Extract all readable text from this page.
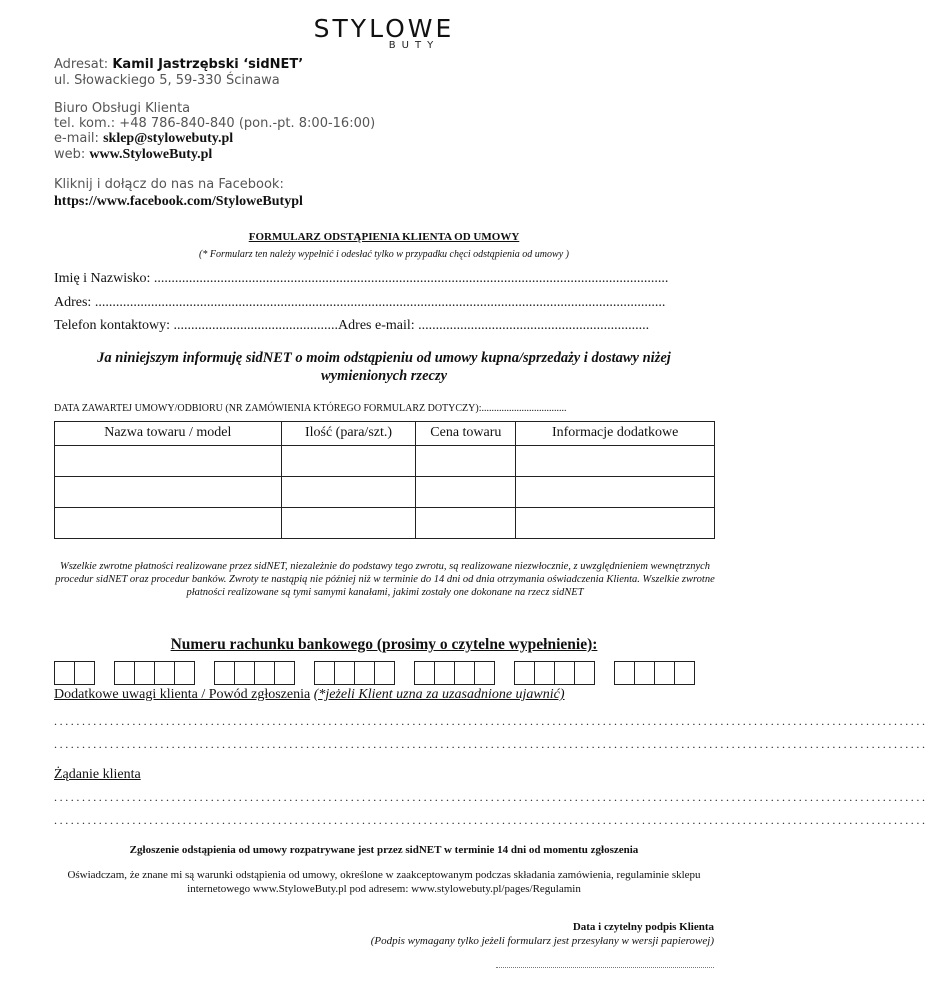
STYLOWE
BUTY
Adresat: Kamil Jastrzębski ‘sidNET’
ul. Słowackiego 5, 59-330 Ścinawa
Biuro Obsługi Klienta
tel. kom.: +48 786-840-840 (pon.-pt. 8:00-16:00)
e-mail: sklep@stylowebuty.pl
web: www.StyloweButy.pl
Kliknij i dołącz do nas na Facebook:
https://www.facebook.com/StyloweButypl
FORMULARZ ODSTĄPIENIA KLIENTA OD UMOWY
(* Formularz ten należy wypełnić i odesłać tylko w przypadku chęci odstąpienia od umowy )
Imię i Nazwisko: ...................................................................................................................................................
Adres: ...................................................................................................................................................................
Telefon kontaktowy: ...............................................Adres e-mail: ..................................................................
Ja niniejszym informuję sidNET o moim odstąpieniu od umowy kupna/sprzedaży i dostawy niżej wymienionych rzeczy
DATA ZAWARTEJ UMOWY/ODBIORU (NR ZAMÓWIENIA KTÓREGO FORMULARZ DOTYCZY):..................................
Nazwa towaru / model	Ilość (para/szt.)	Cena towaru	Informacje dodatkowe

Wszelkie zwrotne płatności realizowane przez sidNET, niezależnie do podstawy tego zwrotu, są realizowane niezwłocznie, z uwzględnieniem wewnętrznych procedur sidNET oraz procedur banków. Zwroty te nastąpią nie później niż w terminie do 14 dni od dnia otrzymania oświadczenia Klienta. Wszelkie zwrotne płatności realizowane są tymi samymi kanałami, jakimi zostały one dokonane na rzecz sidNET
Numeru rachunku bankowego (prosimy o czytelne wypełnienie):
Dodatkowe uwagi klienta / Powód zgłoszenia (*jeżeli Klient uzna za uzasadnione ujawnić)
............................................................................................................................................................
............................................................................................................................................................
Żądanie klienta
............................................................................................................................................................
............................................................................................................................................................
Zgłoszenie odstąpienia od umowy rozpatrywane jest przez sidNET w terminie 14 dni od momentu zgłoszenia
Oświadczam, że znane mi są warunki odstąpienia od umowy, określone w zaakceptowanym podczas składania zamówienia, regulaminie sklepu internetowego www.StyloweButy.pl pod adresem: www.stylowebuty.pl/pages/Regulamin
Data i czytelny podpis Klienta
(Podpis wymagany tylko jeżeli formularz jest przesyłany w wersji papierowej)
